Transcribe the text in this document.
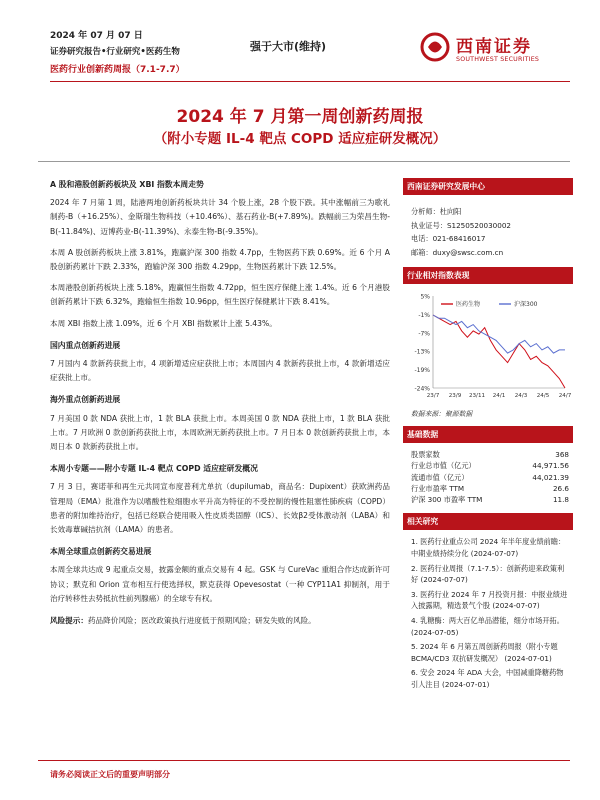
2024 年 07 月 07 日
证券研究报告•行业研究•医药生物
医药行业创新药周报（7.1-7.7）
强于大市(维持)	西南证券
SOUTHWEST SECURITIES
2024 年 7 月第一周创新药周报
（附小专题 IL-4 靶点 COPD 适应症研发概况）
A 股和港股创新药板块及 XBI 指数本周走势
2024 年 7 月第 1 周，陆港两地创新药板块共计 34 个股上涨，28 个股下跌。其中涨幅前三为歌礼制药-B（+16.25%）、金斯瑞生物科技（+10.46%）、基石药业-B(+7.89%)。跌幅前三为荣昌生物-B(-11.84%)、迈博药业-B(-11.39%)、永泰生物-B(-9.35%)。
本周 A 股创新药板块上涨 3.81%，跑赢沪深 300 指数 4.7pp，生物医药下跌 0.69%。近 6 个月 A 股创新药累计下跌 2.33%，跑输沪深 300 指数 4.29pp，生物医药累计下跌 12.5%。
本周港股创新药板块上涨 5.18%，跑赢恒生指数 4.72pp，恒生医疗保健上涨 1.4%。近 6 个月港股创新药累计下跌 6.32%，跑输恒生指数 10.96pp，恒生医疗保健累计下跌 8.41%。
本周 XBI 指数上涨 1.09%，近 6 个月 XBI 指数累计上涨 5.43%。
国内重点创新药进展
7 月国内 4 款新药获批上市，4 项新增适应症获批上市；本周国内 4 款新药获批上市，4 款新增适应症获批上市。
海外重点创新药进展
7 月美国 0 款 NDA 获批上市，1 款 BLA 获批上市。本周美国 0 款 NDA 获批上市，1 款 BLA 获批上市。7 月欧洲 0 款创新药获批上市，本周欧洲无新药获批上市。7 月日本 0 款创新药获批上市，本周日本 0 款新药获批上市。
本周小专题——附小专题 IL-4 靶点 COPD 适应症研发概况
7 月 3 日，赛诺菲和再生元共同宣布度普利尤单抗（dupilumab，商品名：Dupixent）获欧洲药品管理局（EMA）批准作为以嗜酸性粒细胞水平升高为特征的不受控制的慢性阻塞性肺疾病（COPD）患者的附加维持治疗，包括已经联合使用吸入性皮质类固醇（ICS）、长效β2受体激动剂（LABA）和长效毒蕈碱拮抗剂（LAMA）的患者。
本周全球重点创新药交易进展
本周全球共达成 9 起重点交易，披露金额的重点交易有 4 起。GSK 与 CureVac 重组合作达成新许可协议；默克和 Orion 宣布相互行使选择权，默克获得 Opevesostat（一种 CYP11A1 抑制剂，用于治疗转移性去势抵抗性前列腺癌）的全球专有权。
风险提示：药品降价风险；医改政策执行进度低于预期风险；研发失败的风险。
西南证券研究发展中心
分析师：杜向阳
执业证号：S1250520030002
电话：021-68416017
邮箱：duxy@swsc.com.cn
行业相对指数表现
5%
-1%
-7%
-13%
-19%
-24%
23/7 23/9 23/11 24/1 24/3 24/5 24/7
医药生物	沪深300
数据来源：聚源数据
基础数据
股票家数	368
行业总市值（亿元）	44,971.56
流通市值（亿元）	44,021.39
行业市盈率 TTM	26.6
沪深 300 市盈率 TTM	11.8
相关研究
1. 医药行业重点公司 2024 年半年度业绩前瞻：中期业绩持续分化 (2024-07-07)
2. 医药行业周报（7.1-7.5）：创新药迎来政策利好 (2024-07-07)
3. 医药行业 2024 年 7 月投资月报：中报业绩进入披露期，精选景气个股 (2024-07-07)
4. 乳糖酶：两大百亿单品潜能，细分市场开拓。(2024-07-05)
5. 2024 年 6 月第五周创新药周报（附小专题 BCMA/CD3 双抗研发概况） (2024-07-01)
6. 安会 2024 年 ADA 大会，中国减重降糖药物引人注目 (2024-07-01)
请务必阅读正文后的重要声明部分
